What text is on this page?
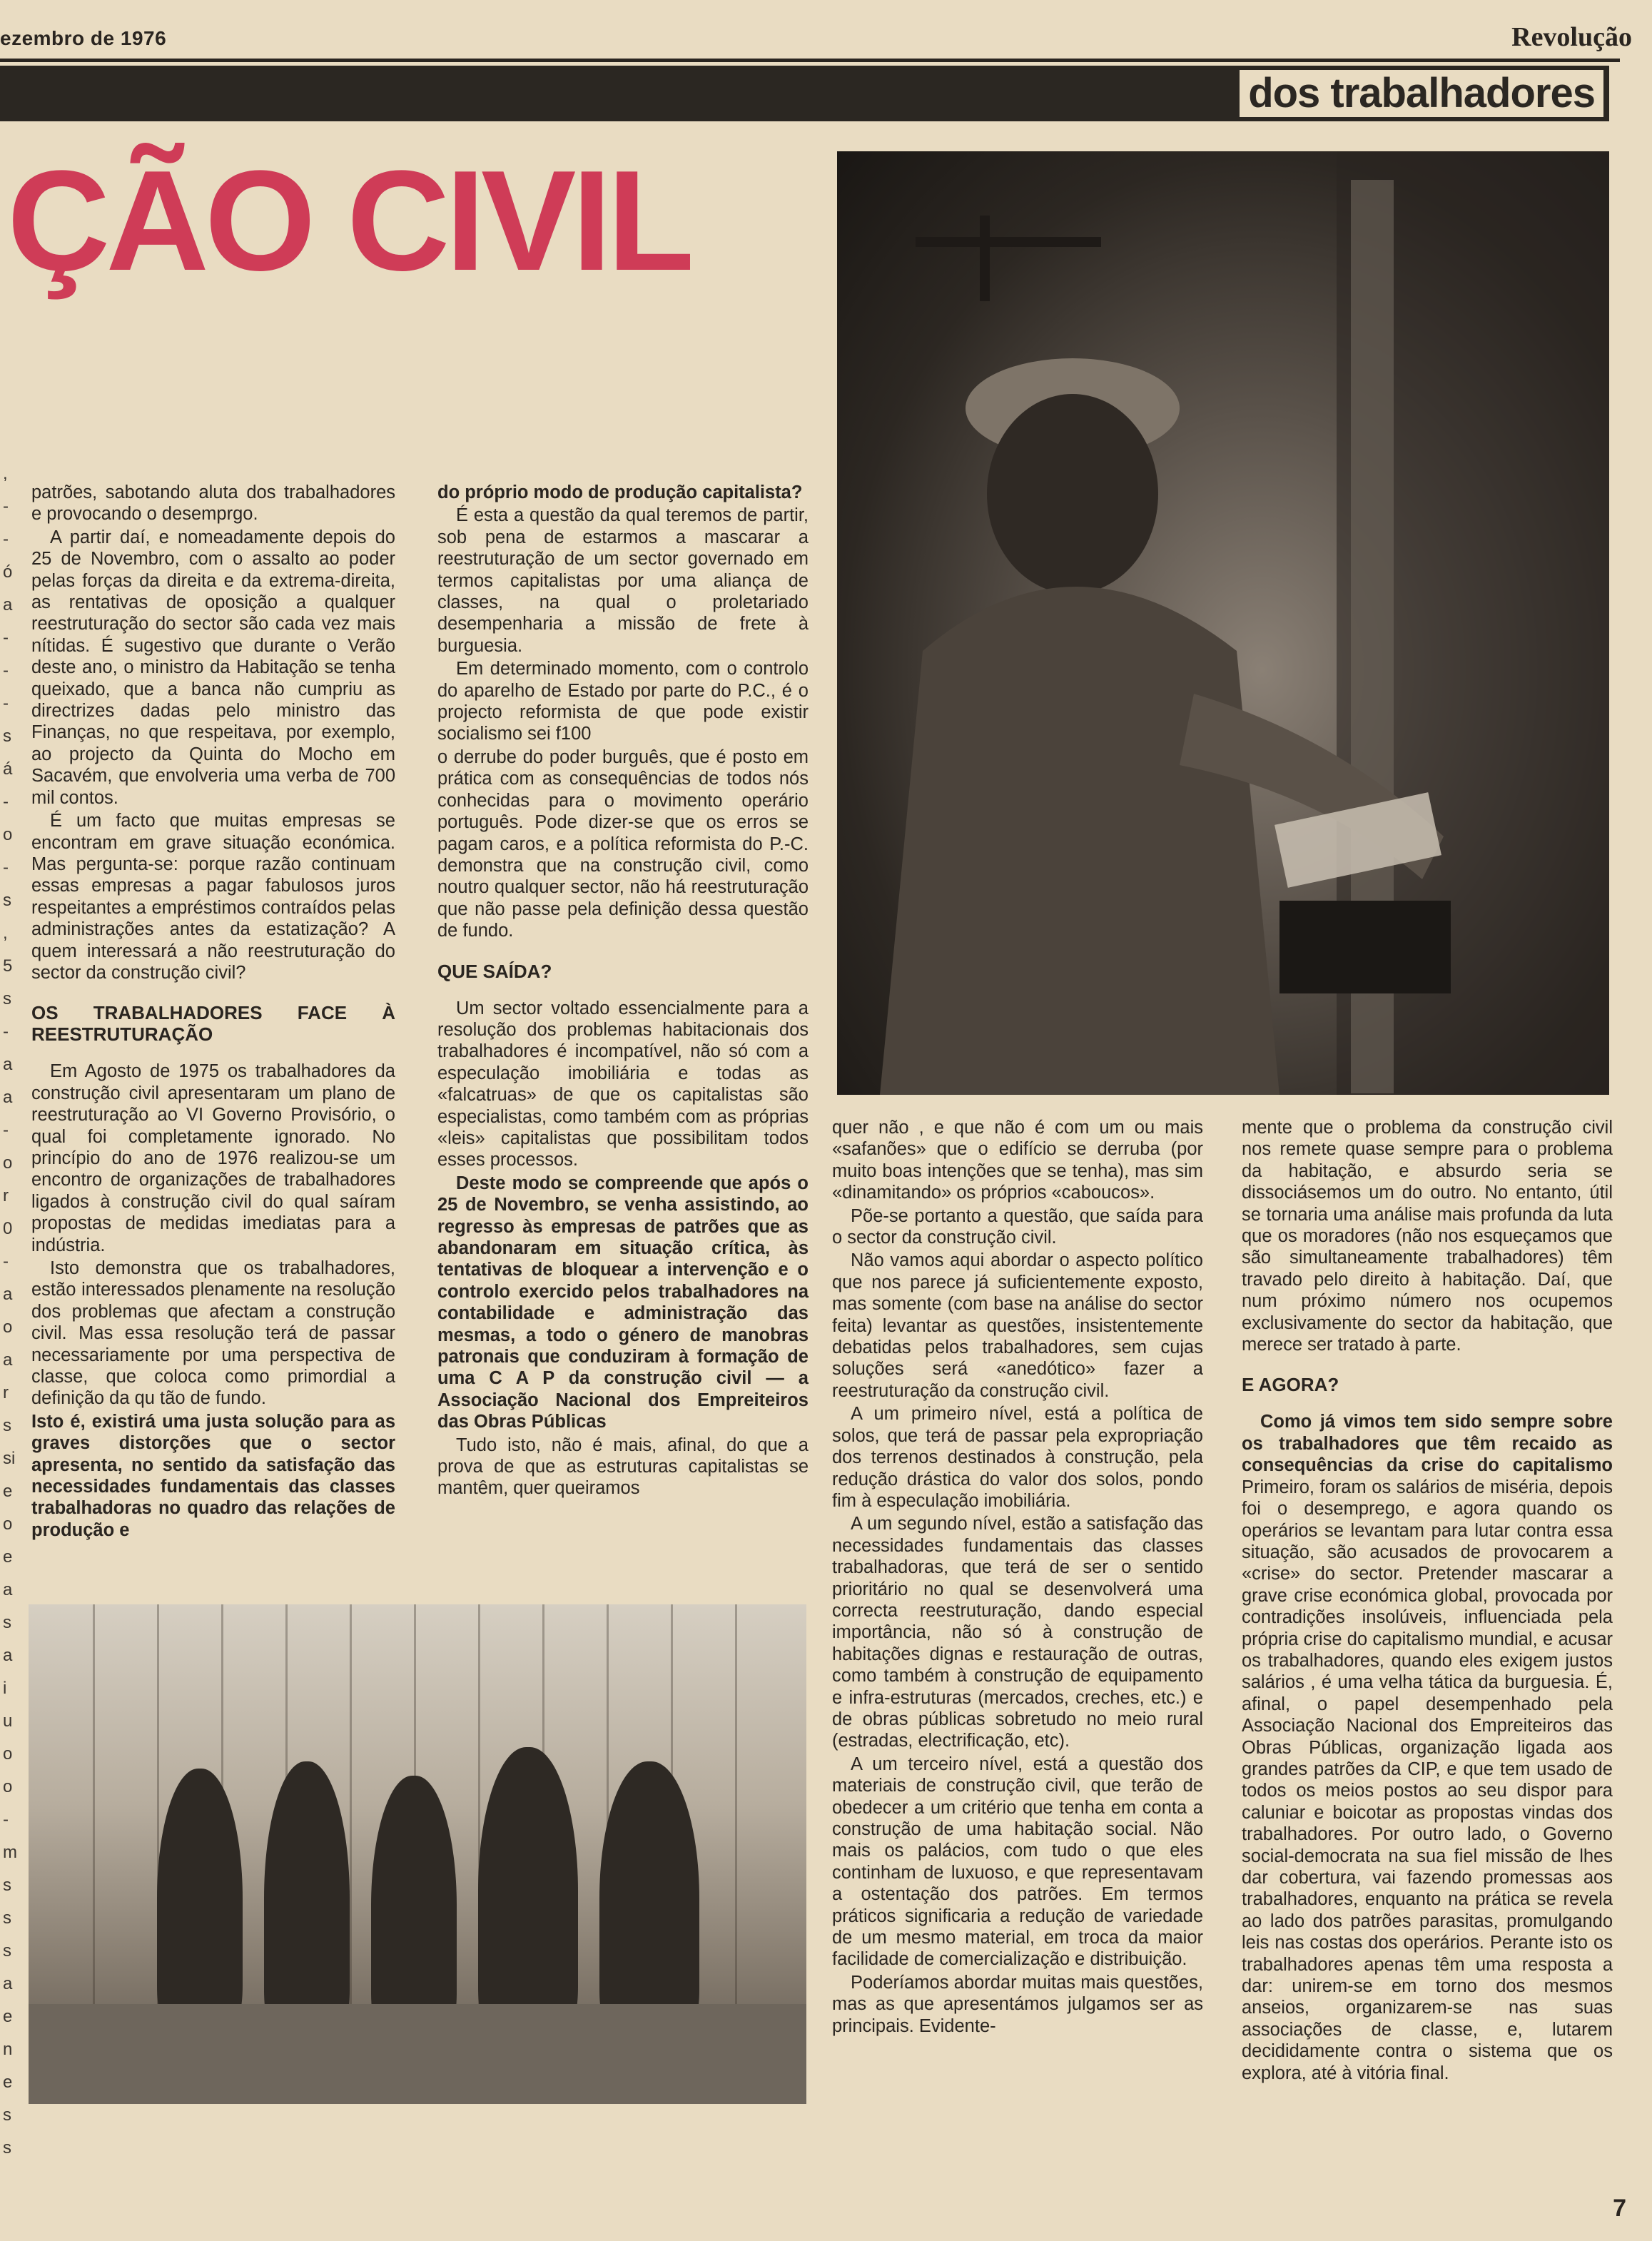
ezembro de 1976	Revolução
dos trabalhadores
ÇÃO CIVIL
,
-
-
ó
a
-
-
-
s
á
-
o
-
s
,
5
s
-
a
a
-
o
r
0
-
a
o
a
r
s
si
e
o
e
a
s
a
i
u
o
o
-
m
s
s
s
a
e
n
e
s
s

patrões, sabotando aluta dos trabalhadores e provocando o desemprgo.

A partir daí, e nomeadamente depois do 25 de Novembro, com o assalto ao poder pelas forças da direita e da extrema-direita, as rentativas de oposição a qualquer reestruturação do sector são cada vez mais nítidas. É sugestivo que durante o Verão deste ano, o ministro da Habitação se tenha queixado, que a banca não cumpriu as directrizes dadas pelo ministro das Finanças, no que respeitava, por exemplo, ao projecto da Quinta do Mocho em Sacavém, que envolveria uma verba de 700 mil contos.

É um facto que muitas empresas se encontram em grave situação económica. Mas pergunta-se: porque razão continuam essas empresas a pagar fabulosos juros respeitantes a empréstimos contraídos pelas administrações antes da estatização? A quem interessará a não reestruturação do sector da construção civil?

OS TRABALHADORES FACE À REESTRUTURAÇÃO

Em Agosto de 1975 os trabalhadores da construção civil apresentaram um plano de reestruturação ao VI Governo Provisório, o qual foi completamente ignorado. No princípio do ano de 1976 realizou-se um encontro de organizações de trabalhadores ligados à construção civil do qual saíram propostas de medidas imediatas para a indústria.

Isto demonstra que os trabalhadores, estão interessados plenamente na resolução dos problemas que afectam a construção civil. Mas essa resolução terá de passar necessariamente por uma perspectiva de classe, que coloca como primordial a definição da qu tão de fundo.

Isto é, existirá uma justa solução para as graves distorções que o sector apresenta, no sentido da satisfação das necessidades fundamentais das classes trabalhadoras no quadro das relações de produção e

do próprio modo de produção capitalista?

É esta a questão da qual teremos de partir, sob pena de estarmos a mascarar a reestruturação de um sector governado em termos capitalistas por uma aliança de classes, na qual o proletariado desempenharia a missão de frete à burguesia.

Em determinado momento, com o controlo do aparelho de Estado por parte do P.C., é o projecto reformista de que pode existir socialismo sei f100

o derrube do poder burguês, que é posto em prática com as consequências de todos nós conhecidas para o movimento operário português. Pode dizer-se que os erros se pagam caros, e a política reformista do P.-C. demonstra que na construção civil, como noutro qualquer sector, não há reestruturação que não passe pela definição dessa questão de fundo.

QUE SAÍDA?

Um sector voltado essencialmente para a resolução dos problemas habitacionais dos trabalhadores é incompatível, não só com a especulação imobiliária e todas as «falcatruas» de que os capitalistas são especialistas, como também com as próprias «leis» capitalistas que possibilitam todos esses processos.

Deste modo se compreende que após o 25 de Novembro, se venha assistindo, ao regresso às empresas de patrões que as abandonaram em situação crítica, às tentativas de bloquear a intervenção e o controlo exercido pelos trabalhadores na contabilidade e administração das mesmas, a todo o género de manobras patronais que conduziram à formação de uma C A P da construção civil — a Associação Nacional dos Empreiteiros das Obras Públicas

Tudo isto, não é mais, afinal, do que a prova de que as estruturas capitalistas se mantêm, quer queiramos

quer não , e que não é com um ou mais «safanões» que o edifício se derruba (por muito boas intenções que se tenha), mas sim «dinamitando» os próprios «caboucos».

Põe-se portanto a questão, que saída para o sector da construção civil.

Não vamos aqui abordar o aspecto político que nos parece já suficientemente exposto, mas somente (com base na análise do sector feita) levantar as questões, insistentemente debatidas pelos trabalhadores, sem cujas soluções será «anedótico» fazer a reestruturação da construção civil.

A um primeiro nível, está a política de solos, que terá de passar pela expropriação dos terrenos destinados à construção, pela redução drástica do valor dos solos, pondo fim à especulação imobiliária.

A um segundo nível, estão a satisfação das necessidades fundamentais das classes trabalhadoras, que terá de ser o sentido prioritário no qual se desenvolverá uma correcta reestruturação, dando especial importância, não só à construção de habitações dignas e restauração de outras, como também à construção de equipamento e infra-estruturas (mercados, creches, etc.) e de obras públicas sobretudo no meio rural (estradas, electrificação, etc).

A um terceiro nível, está a questão dos materiais de construção civil, que terão de obedecer a um critério que tenha em conta a construção de uma habitação social. Não mais os palácios, com tudo o que eles continham de luxuoso, e que representavam a ostentação dos patrões. Em termos práticos significaria a redução de variedade de um mesmo material, em troca da maior facilidade de comercialização e distribuição.

Poderíamos abordar muitas mais questões, mas as que apresentámos julgamos ser as principais. Evidente-

mente que o problema da construção civil nos remete quase sempre para o problema da habitação, e absurdo seria se dissociásemos um do outro. No entanto, útil se tornaria uma análise mais profunda da luta que os moradores (não nos esqueçamos que são simultaneamente trabalhadores) têm travado pelo direito à habitação. Daí, que num próximo número nos ocupemos exclusivamente do sector da habitação, que merece ser tratado à parte.

E AGORA?

Como já vimos tem sido sempre sobre os trabalhadores que têm recaido as consequências da crise do capitalismo Primeiro, foram os salários de miséria, depois foi o desemprego, e agora quando os operários se levantam para lutar contra essa situação, são acusados de provocarem a «crise» do sector. Pretender mascarar a grave crise económica global, provocada por contradições insolúveis, influenciada pela própria crise do capitalismo mundial, e acusar os trabalhadores, quando eles exigem justos salários , é uma velha tática da burguesia. É, afinal, o papel desempenhado pela Associação Nacional dos Empreiteiros das Obras Públicas, organização ligada aos grandes patrões da CIP, e que tem usado de todos os meios postos ao seu dispor para caluniar e boicotar as propostas vindas dos trabalhadores. Por outro lado, o Governo social-democrata na sua fiel missão de lhes dar cobertura, vai fazendo promessas aos trabalhadores, enquanto na prática se revela ao lado dos patrões parasitas, promulgando leis nas costas dos operários. Perante isto os trabalhadores apenas têm uma resposta a dar: unirem-se em torno dos mesmos anseios, organizarem-se nas suas associações de classe, e, lutarem decididamente contra o sistema que os explora, até à vitória final.

7
